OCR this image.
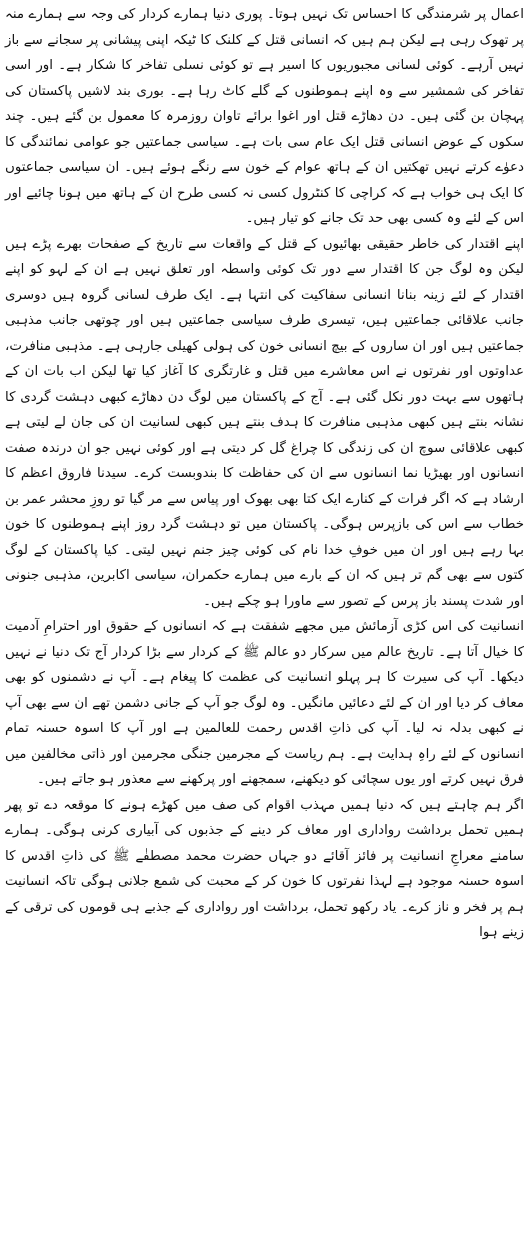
اعمال پر شرمندگی کا احساس تک نہیں ہوتا۔ پوری دنیا ہمارے کردار کی وجہ سے ہمارے منہ پر تھوک رہی ہے لیکن ہم ہیں کہ انسانی قتل کے کلنک کا ٹیکہ اپنی پیشانی پر سجانے سے باز نہیں آرہے۔ کوئی لسانی مجبوریوں کا اسیر ہے تو کوئی نسلی تفاخر کا شکار ہے۔ اور اسی تفاخر کی شمشیر سے وہ اپنے ہموطنوں کے گلے کاٹ رہا ہے۔ بوری بند لاشیں پاکستان کی پہچان بن گئی ہیں۔ دن دھاڑے قتل اور اغوا برائے تاوان روزمرہ کا معمول بن گئے ہیں۔ چند سکوں کے عوض انسانی قتل ایک عام سی بات ہے۔ سیاسی جماعتیں جو عوامی نمائندگی کا دعوٰے کرتے نہیں تھکتیں ان کے ہاتھ عوام کے خون سے رنگے ہوئے ہیں۔ ان سیاسی جماعتوں کا ایک ہی خواب ہے کہ کراچی کا کنٹرول کسی نہ کسی طرح ان کے ہاتھ میں ہونا چائیے اور اس کے لئے وہ کسی بھی حد تک جانے کو تیار ہیں۔

اپنے اقتدار کی خاطر حقیقی بھائیوں کے قتل کے واقعات سے تاریخ کے صفحات بھرے پڑے ہیں لیکن وہ لوگ جن کا اقتدار سے دور تک کوئی واسطہ اور تعلق نہیں ہے ان کے لہو کو اپنے اقتدار کے لئے زینہ بنانا انسانی سفاکیت کی انتہا ہے۔ ایک طرف لسانی گروہ ہیں دوسری جانب علاقائی جماعتیں ہیں، تیسری طرف سیاسی جماعتیں ہیں اور چوتھی جانب مذہبی جماعتیں ہیں اور ان ساروں کے بیچ انسانی خون کی ہولی کھیلی جارہی ہے۔ مذہبی منافرت، عداوتوں اور نفرتوں نے اس معاشرے میں قتل و غارتگری کا آغاز کیا تھا لیکن اب بات ان کے ہاتھوں سے بہت دور نکل گئی ہے۔ آج کے پاکستان میں لوگ دن دھاڑے کبھی دہشت گردی کا نشانہ بنتے ہیں کبھی مذہبی منافرت کا ہدف بنتے ہیں کبھی لسانیت ان کی جان لے لیتی ہے کبھی علاقائی سوچ ان کی زندگی کا چراغ گل کر دیتی ہے اور کوئی نہیں جو ان درندہ صفت انسانوں اور بھیڑیا نما انسانوں سے ان کی حفاظت کا بندوبست کرے۔ سیدنا فاروق اعظم کا ارشاد ہے کہ اگر فرات کے کنارے ایک کتا بھی بھوک اور پیاس سے مر گیا تو روزِ محشر عمر بن خطاب سے اس کی بازپرس ہوگی۔ پاکستان میں تو دہشت گرد روز اپنے ہموطنوں کا خون بہا رہے ہیں اور ان میں خوفِ خدا نام کی کوئی چیز جنم نہیں لیتی۔ کیا پاکستان کے لوگ کتوں سے بھی گم تر ہیں کہ ان کے بارے میں ہمارے حکمران، سیاسی اکابرین، مذہبی جنونی اور شدت پسند باز پرس کے تصور سے ماورا ہو چکے ہیں۔

انسانیت کی اس کڑی آزمائش میں مجھے شفقت ہے کہ انسانوں کے حقوق اور احترامِ آدمیت کا خیال آتا ہے۔ تاریخ عالم میں سرکار دو عالم ﷺ کے کردار سے بڑا کردار آج تک دنیا نے نہیں دیکھا۔ آپ کی سیرت کا ہر پہلو انسانیت کی عظمت کا پیغام ہے۔ آپ نے دشمنوں کو بھی معاف کر دیا اور ان کے لئے دعائیں مانگیں۔ وہ لوگ جو آپ کے جانی دشمن تھے ان سے بھی آپ نے کبھی بدلہ نہ لیا۔ آپ کی ذاتِ اقدس رحمت للعالمین ہے اور آپ کا اسوہ حسنہ تمام انسانوں کے لئے راہِ ہدایت ہے۔ ہم ریاست کے مجرمین جنگی مجرمین اور ذاتی مخالفین میں فرق نہیں کرتے اور یوں سچائی کو دیکھنے، سمجھنے اور پرکھنے سے معذور ہو جاتے ہیں۔

اگر ہم چاہتے ہیں کہ دنیا ہمیں مہذب اقوام کی صف میں کھڑے ہونے کا موقعہ دے تو پھر ہمیں تحمل برداشت رواداری اور معاف کر دینے کے جذبوں کی آبیاری کرنی ہوگی۔ ہمارے سامنے معراجِ انسانیت پر فائز آقائے دو جہاں حضرت محمد مصطفٰے ﷺ کی ذاتِ اقدس کا اسوہ حسنہ موجود ہے لہذا نفرتوں کا خون کر کے محبت کی شمع جلانی ہوگی تاکہ انسانیت ہم پر فخر و ناز کرے۔ یاد رکھو تحمل، برداشت اور رواداری کے جذبے ہی قوموں کی ترقی کے زینے ہوا
